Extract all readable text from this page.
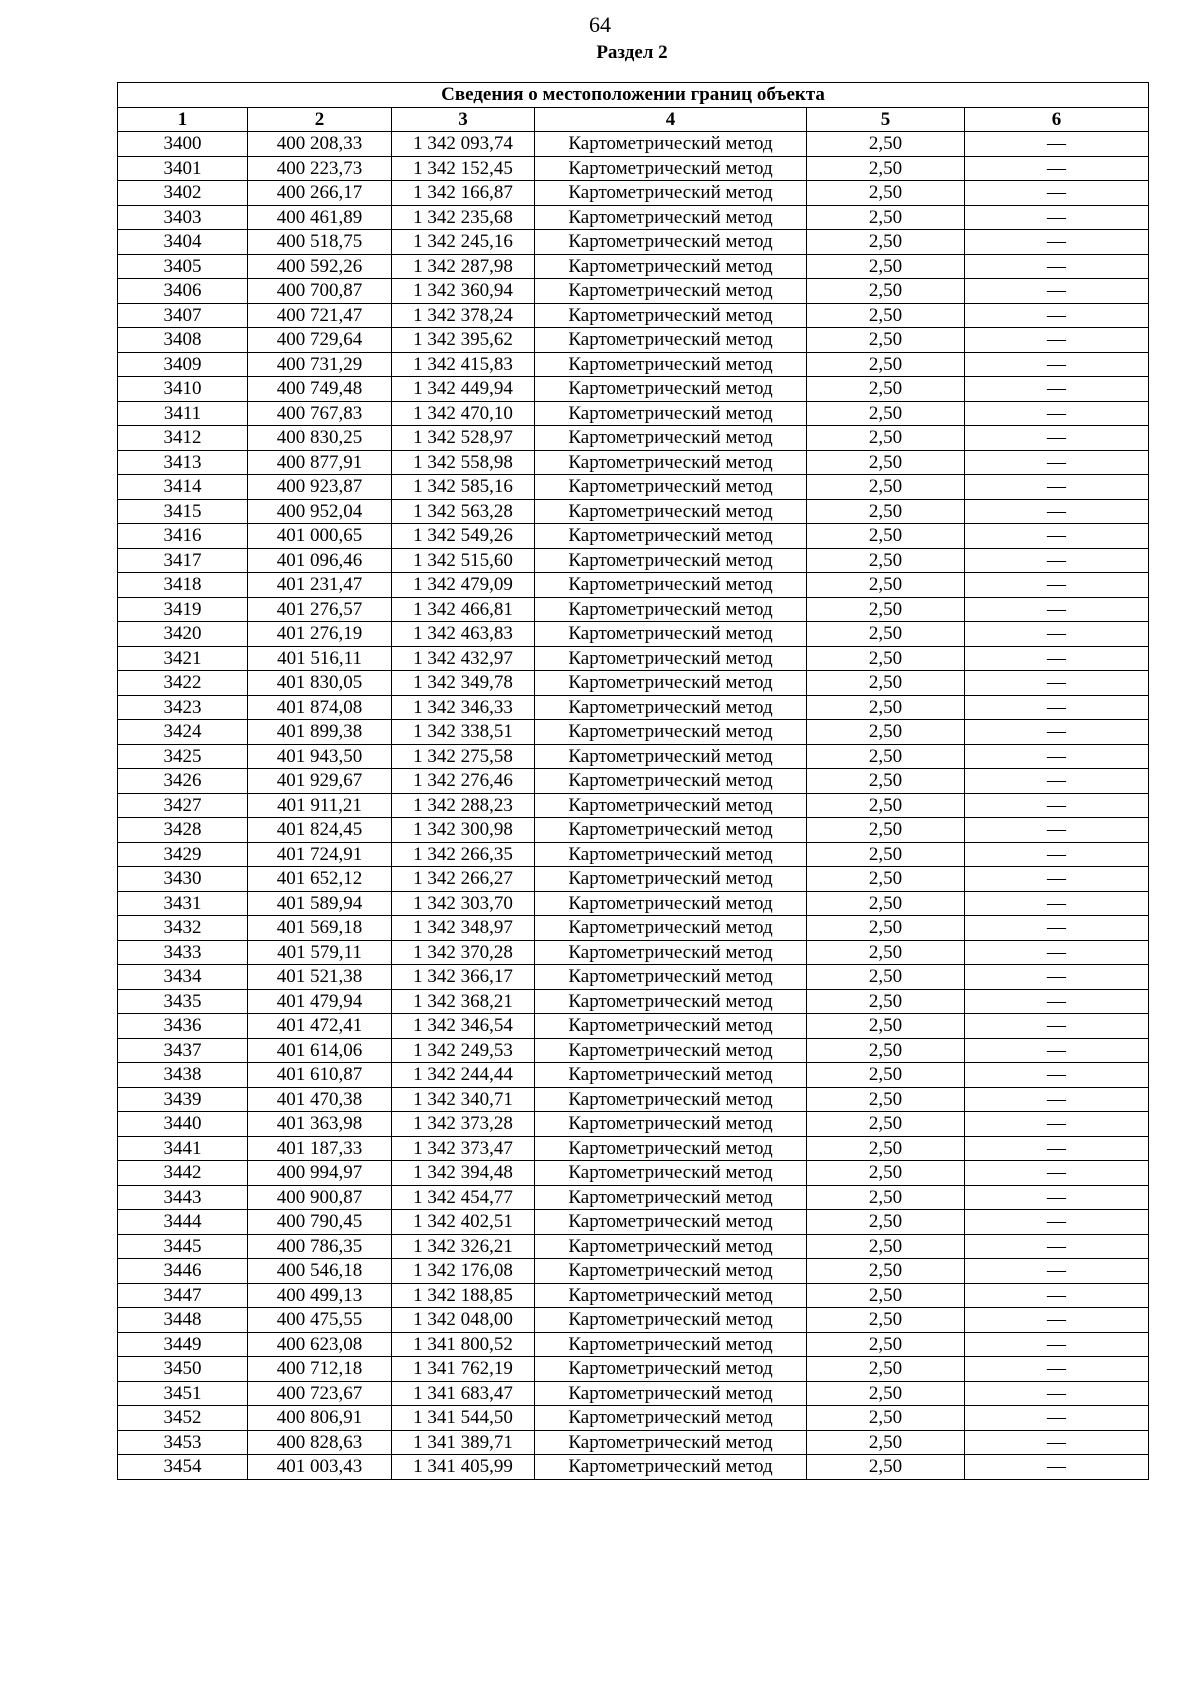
64
Раздел 2
Сведения о местоположении границ объекта					
1	2	3	4	5	6
3400	400 208,33	1 342 093,74	Картометрический метод	2,50	—
3401	400 223,73	1 342 152,45	Картометрический метод	2,50	—
3402	400 266,17	1 342 166,87	Картометрический метод	2,50	—
3403	400 461,89	1 342 235,68	Картометрический метод	2,50	—
3404	400 518,75	1 342 245,16	Картометрический метод	2,50	—
3405	400 592,26	1 342 287,98	Картометрический метод	2,50	—
3406	400 700,87	1 342 360,94	Картометрический метод	2,50	—
3407	400 721,47	1 342 378,24	Картометрический метод	2,50	—
3408	400 729,64	1 342 395,62	Картометрический метод	2,50	—
3409	400 731,29	1 342 415,83	Картометрический метод	2,50	—
3410	400 749,48	1 342 449,94	Картометрический метод	2,50	—
3411	400 767,83	1 342 470,10	Картометрический метод	2,50	—
3412	400 830,25	1 342 528,97	Картометрический метод	2,50	—
3413	400 877,91	1 342 558,98	Картометрический метод	2,50	—
3414	400 923,87	1 342 585,16	Картометрический метод	2,50	—
3415	400 952,04	1 342 563,28	Картометрический метод	2,50	—
3416	401 000,65	1 342 549,26	Картометрический метод	2,50	—
3417	401 096,46	1 342 515,60	Картометрический метод	2,50	—
3418	401 231,47	1 342 479,09	Картометрический метод	2,50	—
3419	401 276,57	1 342 466,81	Картометрический метод	2,50	—
3420	401 276,19	1 342 463,83	Картометрический метод	2,50	—
3421	401 516,11	1 342 432,97	Картометрический метод	2,50	—
3422	401 830,05	1 342 349,78	Картометрический метод	2,50	—
3423	401 874,08	1 342 346,33	Картометрический метод	2,50	—
3424	401 899,38	1 342 338,51	Картометрический метод	2,50	—
3425	401 943,50	1 342 275,58	Картометрический метод	2,50	—
3426	401 929,67	1 342 276,46	Картометрический метод	2,50	—
3427	401 911,21	1 342 288,23	Картометрический метод	2,50	—
3428	401 824,45	1 342 300,98	Картометрический метод	2,50	—
3429	401 724,91	1 342 266,35	Картометрический метод	2,50	—
3430	401 652,12	1 342 266,27	Картометрический метод	2,50	—
3431	401 589,94	1 342 303,70	Картометрический метод	2,50	—
3432	401 569,18	1 342 348,97	Картометрический метод	2,50	—
3433	401 579,11	1 342 370,28	Картометрический метод	2,50	—
3434	401 521,38	1 342 366,17	Картометрический метод	2,50	—
3435	401 479,94	1 342 368,21	Картометрический метод	2,50	—
3436	401 472,41	1 342 346,54	Картометрический метод	2,50	—
3437	401 614,06	1 342 249,53	Картометрический метод	2,50	—
3438	401 610,87	1 342 244,44	Картометрический метод	2,50	—
3439	401 470,38	1 342 340,71	Картометрический метод	2,50	—
3440	401 363,98	1 342 373,28	Картометрический метод	2,50	—
3441	401 187,33	1 342 373,47	Картометрический метод	2,50	—
3442	400 994,97	1 342 394,48	Картометрический метод	2,50	—
3443	400 900,87	1 342 454,77	Картометрический метод	2,50	—
3444	400 790,45	1 342 402,51	Картометрический метод	2,50	—
3445	400 786,35	1 342 326,21	Картометрический метод	2,50	—
3446	400 546,18	1 342 176,08	Картометрический метод	2,50	—
3447	400 499,13	1 342 188,85	Картометрический метод	2,50	—
3448	400 475,55	1 342 048,00	Картометрический метод	2,50	—
3449	400 623,08	1 341 800,52	Картометрический метод	2,50	—
3450	400 712,18	1 341 762,19	Картометрический метод	2,50	—
3451	400 723,67	1 341 683,47	Картометрический метод	2,50	—
3452	400 806,91	1 341 544,50	Картометрический метод	2,50	—
3453	400 828,63	1 341 389,71	Картометрический метод	2,50	—
3454	401 003,43	1 341 405,99	Картометрический метод	2,50	—
